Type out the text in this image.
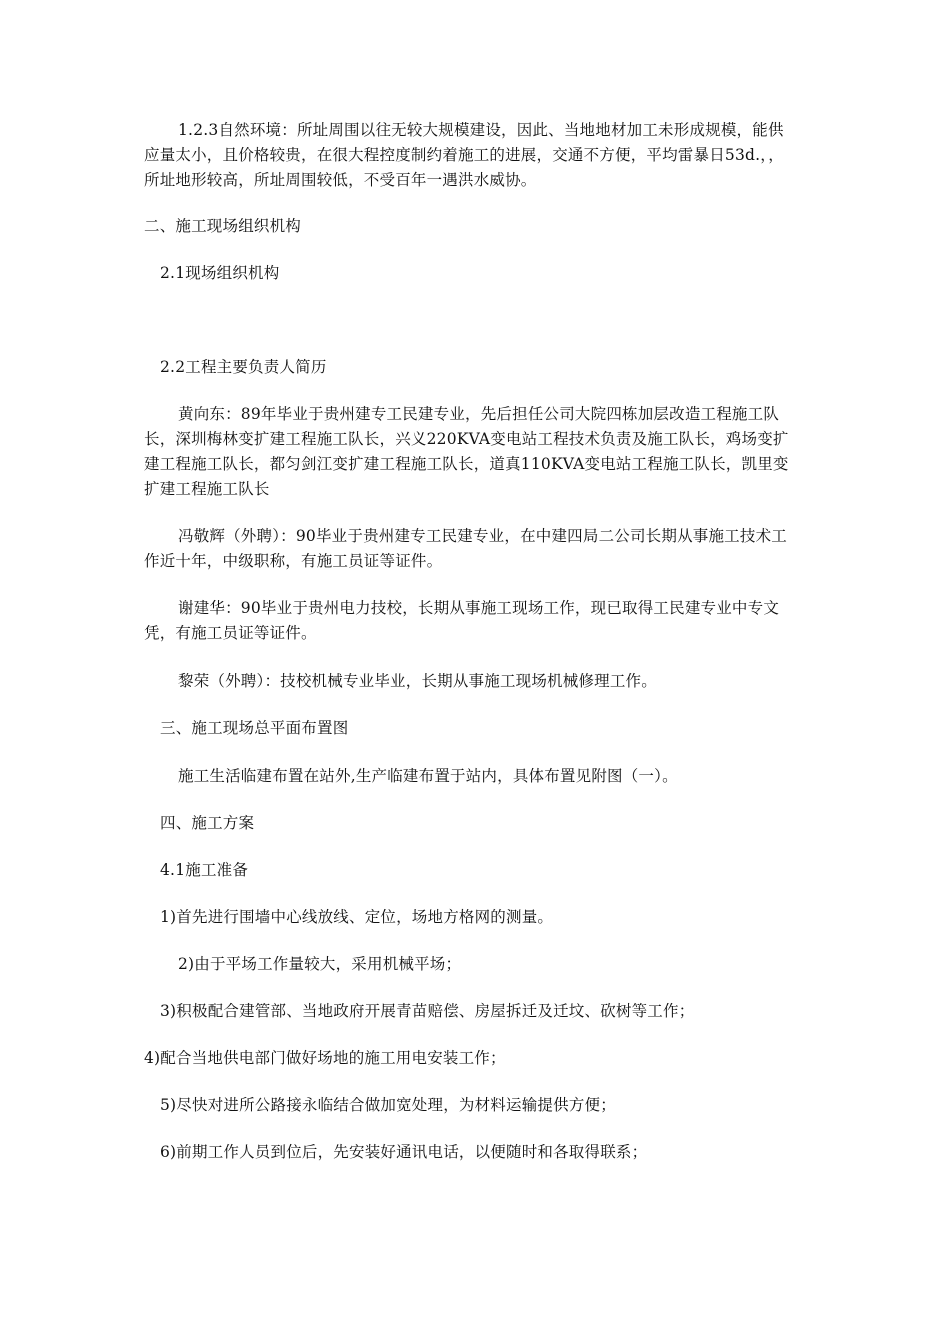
1.2.3自然环境：所址周围以往无较大规模建设，因此、当地地材加工未形成规模，能供
应量太小，且价格较贵，在很大程控度制约着施工的进展，交通不方便，平均雷暴日53d.，，
所址地形较高，所址周围较低，不受百年一遇洪水威协。
二、施工现场组织机构
2.1现场组织机构
2.2工程主要负责人简历
黄向东：89年毕业于贵州建专工民建专业，先后担任公司大院四栋加层改造工程施工队
长，深圳梅林变扩建工程施工队长，兴义220KVA变电站工程技术负责及施工队长，鸡场变扩
建工程施工队长，都匀剑江变扩建工程施工队长，道真110KVA变电站工程施工队长，凯里变
扩建工程施工队长
冯敬辉（外聘）：90毕业于贵州建专工民建专业，在中建四局二公司长期从事施工技术工
作近十年，中级职称，有施工员证等证件。
谢建华：90毕业于贵州电力技校，长期从事施工现场工作，现已取得工民建专业中专文
凭，有施工员证等证件。
黎荣（外聘）：技校机械专业毕业，长期从事施工现场机械修理工作。
三、施工现场总平面布置图
施工生活临建布置在站外,生产临建布置于站内，具体布置见附图（一）。
四、施工方案
4.1施工准备
1)首先进行围墙中心线放线、定位，场地方格网的测量。
2)由于平场工作量较大，采用机械平场；
3)积极配合建管部、当地政府开展青苗赔偿、房屋拆迁及迁坟、砍树等工作；
4)配合当地供电部门做好场地的施工用电安装工作；
5)尽快对进所公路接永临结合做加宽处理，为材料运输提供方便；
6)前期工作人员到位后，先安装好通讯电话，以便随时和各取得联系；
